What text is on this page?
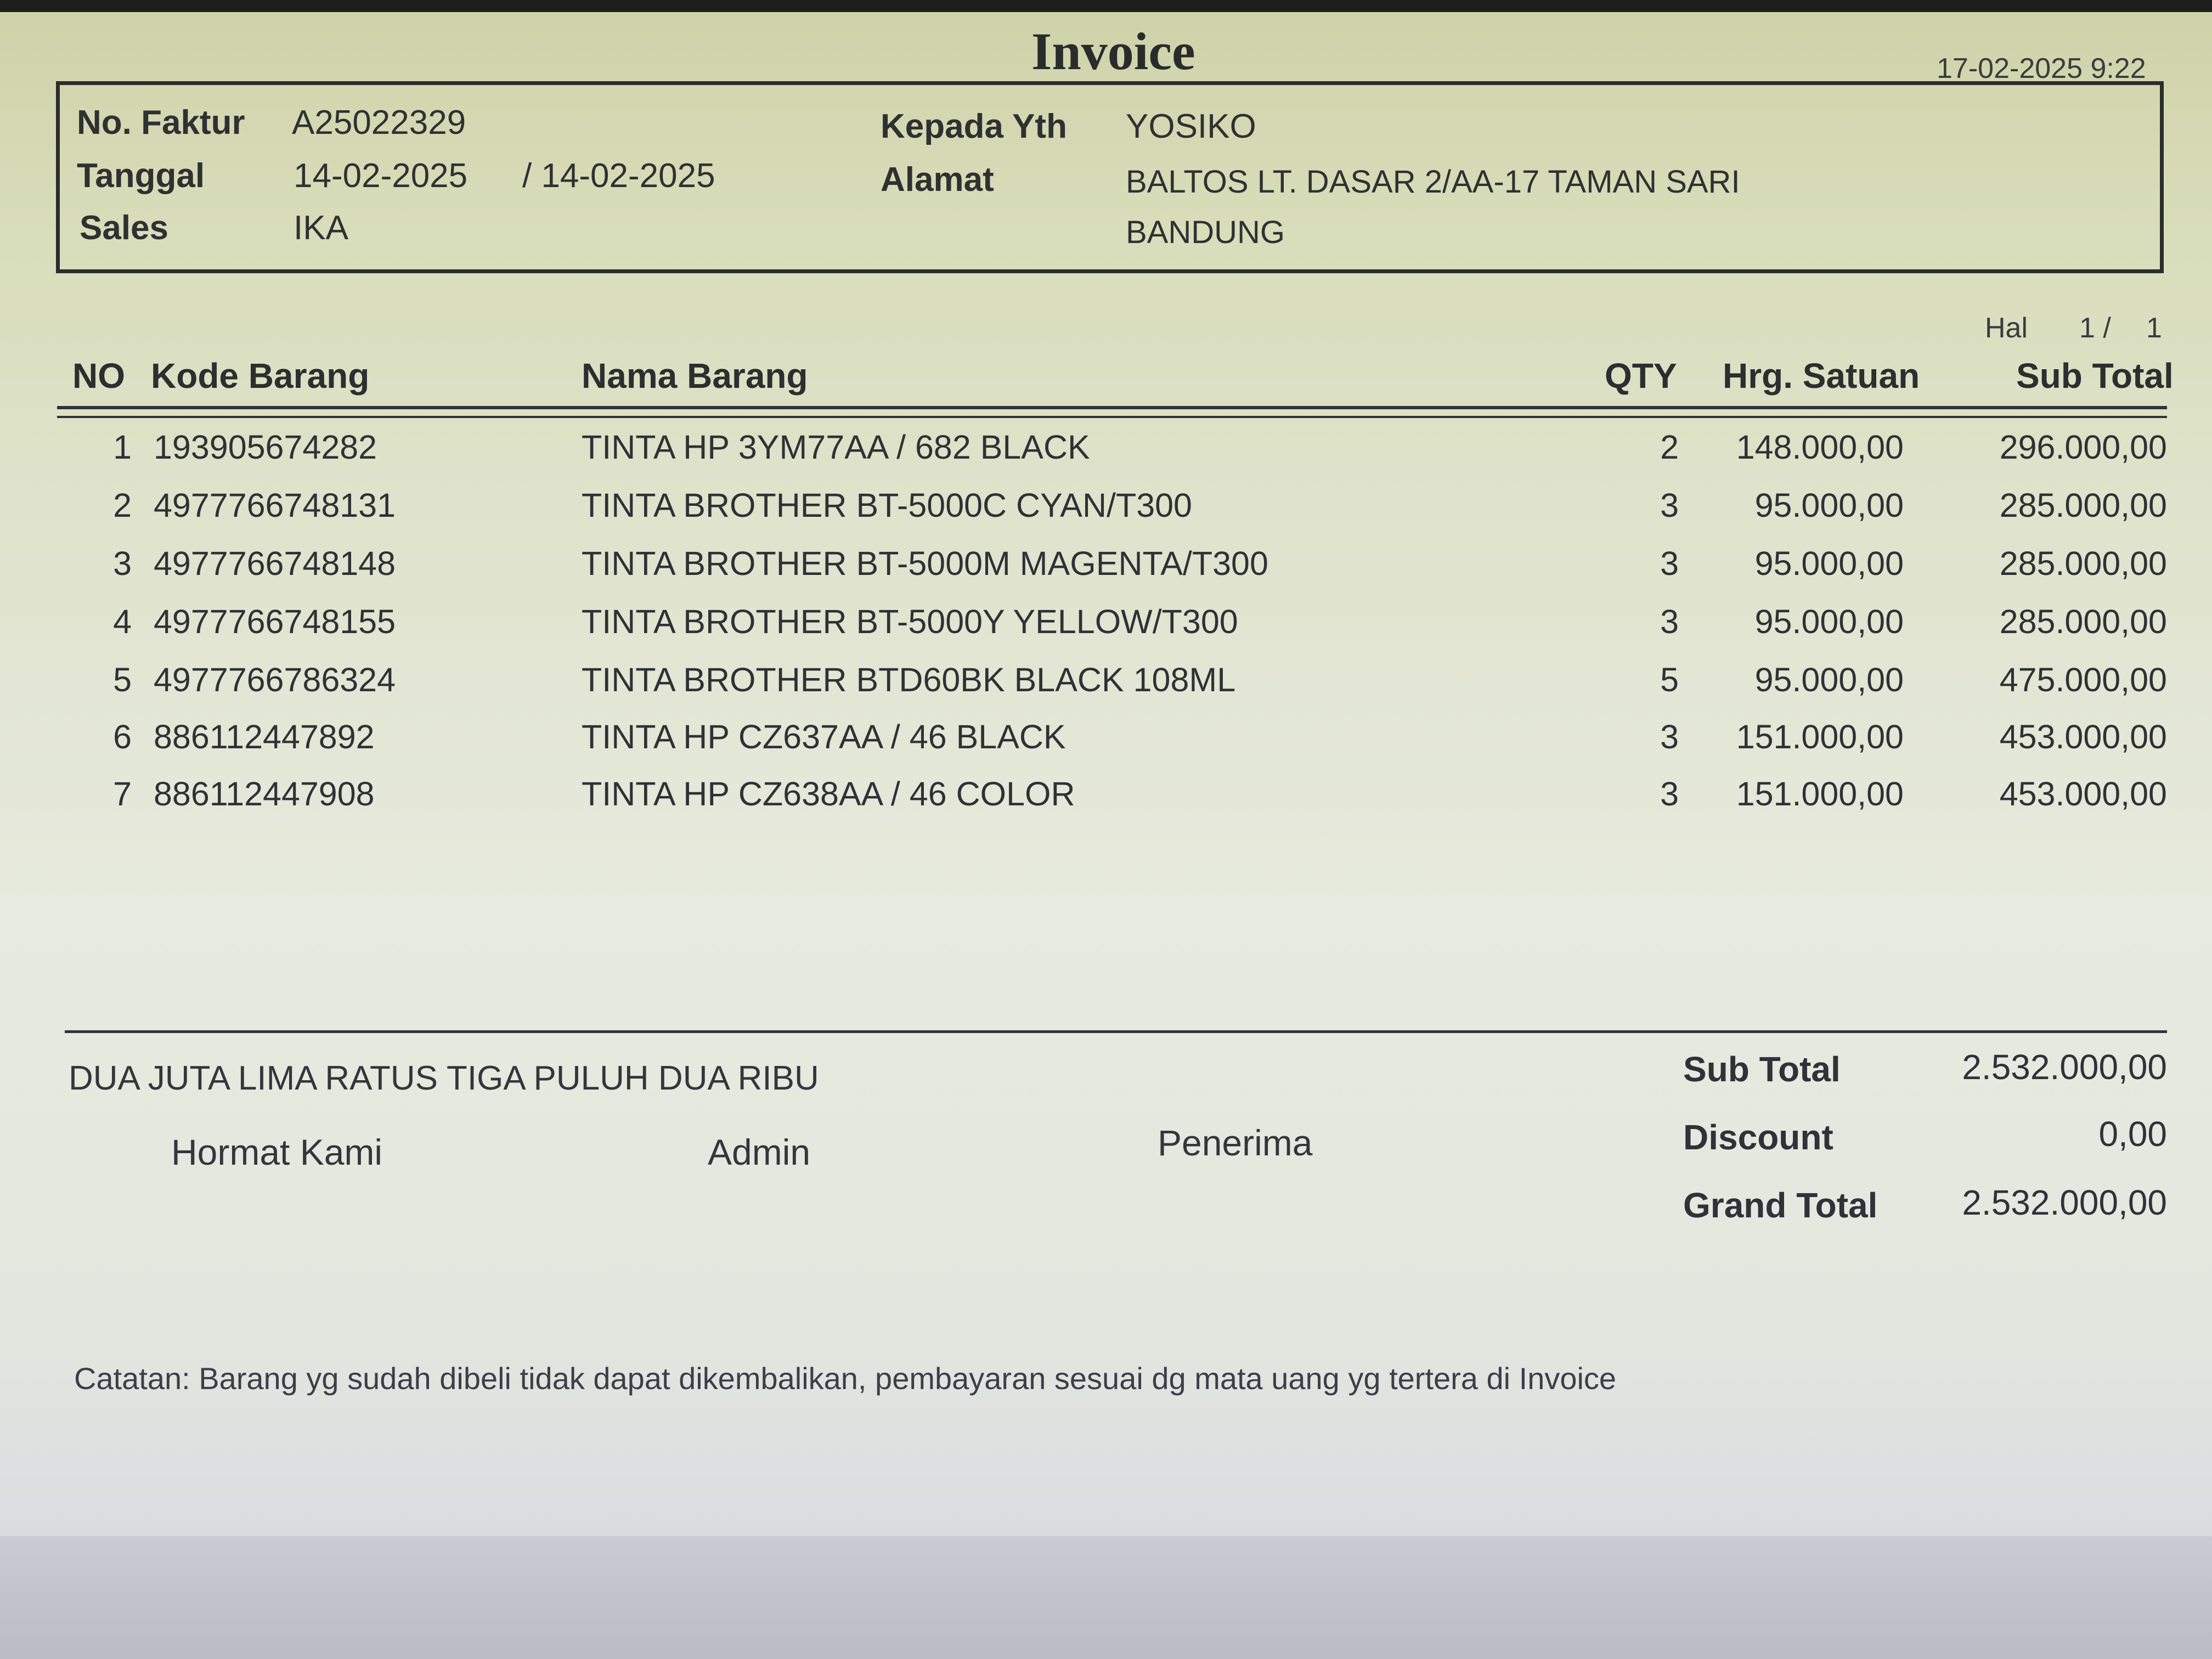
Invoice	17-02-2025 9:22
No. Faktur A25022329
Tanggal	14-02-2025 / 14-02-2025
Sales	IKA
Kepada Yth YOSIKO
Alamat	BALTOS LT. DASAR 2/AA-17 TAMAN SARI
BANDUNG
Hal 1 / 1
NO Kode Barang	Nama Barang	QTY Hrg. Satuan	Sub Total
1 193905674282	TINTA HP 3YM77AA / 682 BLACK	2	148.000,00	296.000,00
2 4977766748131	TINTA BROTHER BT-5000C CYAN/T300	3	95.000,00	285.000,00
3 4977766748148	TINTA BROTHER BT-5000M MAGENTA/T300	3	95.000,00	285.000,00
4 4977766748155	TINTA BROTHER BT-5000Y YELLOW/T300	3	95.000,00	285.000,00
5 4977766786324	TINTA BROTHER BTD60BK BLACK 108ML	5	95.000,00	475.000,00
6 886112447892	TINTA HP CZ637AA / 46 BLACK	3	151.000,00	453.000,00
7 886112447908	TINTA HP CZ638AA / 46 COLOR	3	151.000,00	453.000,00
DUA JUTA LIMA RATUS TIGA PULUH DUA RIBU
Hormat Kami	Admin	Penerima
Sub Total	2.532.000,00
Discount	0,00
Grand Total	2.532.000,00
Catatan: Barang yg sudah dibeli tidak dapat dikembalikan, pembayaran sesuai dg mata uang yg tertera di Invoice
